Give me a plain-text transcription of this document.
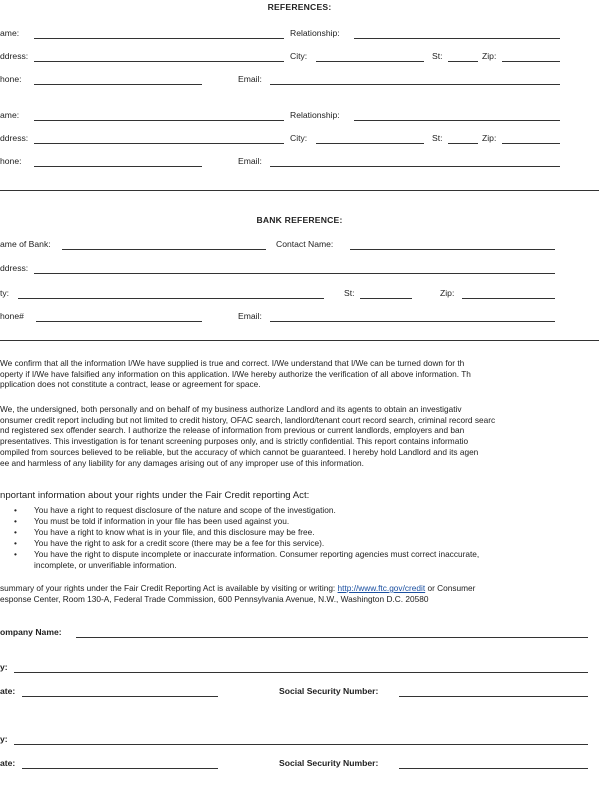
REFERENCES:
ame:	Relationship:
ddress:	City:	St:	Zip:
hone:	Email:
ame:	Relationship:
ddress:	City:	St:	Zip:
hone:	Email:
BANK REFERENCE:
ame of Bank:	Contact Name:
ddress:
ty:	St:	Zip:
hone#	Email:
We confirm that all the information I/We have supplied is true and correct. I/We understand that I/We can be turned down for th
operty if I/We have falsified any information on this application. I/We hereby authorize the verification of all above information. Th
pplication does not constitute a contract, lease or agreement for space.
We, the undersigned, both personally and on behalf of my business authorize Landlord and its agents to obtain an investigativ
onsumer credit report including but not limited to credit history, OFAC search, landlord/tenant court record search, criminal record searc
nd registered sex offender search. I authorize the release of information from previous or current landlords, employers and ban
presentatives. This investigation is for tenant screening purposes only, and is strictly confidential. This report contains informatio
ompiled from sources believed to be reliable, but the accuracy of which cannot be guaranteed. I hereby hold Landlord and its agen
ee and harmless of any liability for any damages arising out of any improper use of this information.
nportant information about your rights under the Fair Credit reporting Act:
• You have a right to request disclosure of the nature and scope of the investigation.
• You must be told if information in your file has been used against you.
• You have a right to know what is in your file, and this disclosure may be free.
• You have the right to ask for a credit score (there may be a fee for this service).
• You have the right to dispute incomplete or inaccurate information. Consumer reporting agencies must correct inaccurate,
incomplete, or unverifiable information.
summary of your rights under the Fair Credit Reporting Act is available by visiting or writing: http://www.ftc.gov/credit or Consumer
esponse Center, Room 130-A, Federal Trade Commission, 600 Pennsylvania Avenue, N.W., Washington D.C. 20580
ompany Name:
y:
ate:	Social Security Number:
y:
ate:	Social Security Number:
